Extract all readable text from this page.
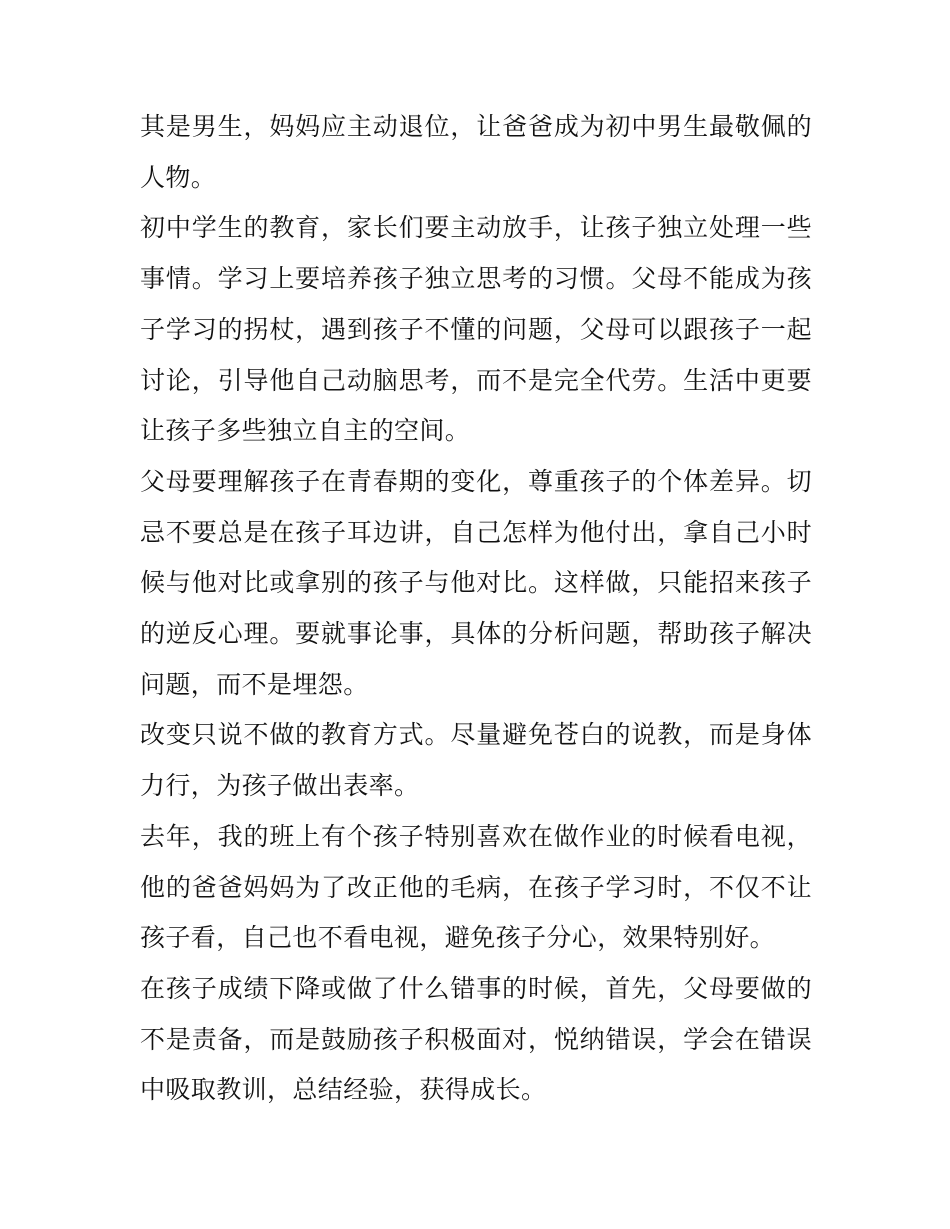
其是男生，妈妈应主动退位，让爸爸成为初中男生最敬佩的人物。

初中学生的教育，家长们要主动放手，让孩子独立处理一些事情。学习上要培养孩子独立思考的习惯。父母不能成为孩子学习的拐杖，遇到孩子不懂的问题，父母可以跟孩子一起讨论，引导他自己动脑思考，而不是完全代劳。生活中更要让孩子多些独立自主的空间。

父母要理解孩子在青春期的变化，尊重孩子的个体差异。切忌不要总是在孩子耳边讲，自己怎样为他付出，拿自己小时候与他对比或拿别的孩子与他对比。这样做，只能招来孩子的逆反心理。要就事论事，具体的分析问题，帮助孩子解决问题，而不是埋怨。

改变只说不做的教育方式。尽量避免苍白的说教，而是身体力行，为孩子做出表率。

去年，我的班上有个孩子特别喜欢在做作业的时候看电视，他的爸爸妈妈为了改正他的毛病，在孩子学习时，不仅不让孩子看，自己也不看电视，避免孩子分心，效果特别好。

在孩子成绩下降或做了什么错事的时候，首先，父母要做的不是责备，而是鼓励孩子积极面对，悦纳错误，学会在错误中吸取教训，总结经验，获得成长。
